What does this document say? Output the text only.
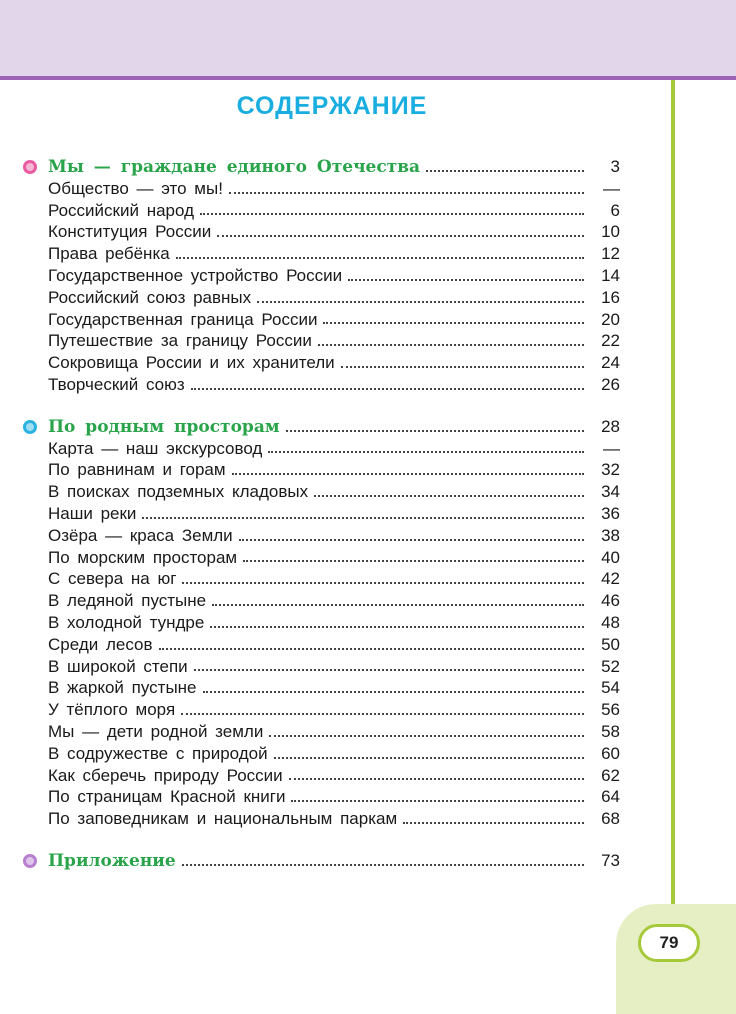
79
СОДЕРЖАНИЕ
Мы — граждане единого Отечества	3
Общество — это мы!	—
Российский народ	6
Конституция России	10
Права ребёнка	12
Государственное устройство России	14
Российский союз равных	16
Государственная граница России	20
Путешествие за границу России	22
Сокровища России и их хранители	24
Творческий союз	26
По родным просторам	28
Карта — наш экскурсовод	—
По равнинам и горам	32
В поисках подземных кладовых	34
Наши реки	36
Озёра — краса Земли	38
По морским просторам	40
С севера на юг	42
В ледяной пустыне	46
В холодной тундре	48
Среди лесов	50
В широкой степи	52
В жаркой пустыне	54
У тёплого моря	56
Мы — дети родной земли	58
В содружестве с природой	60
Как сберечь природу России	62
По страницам Красной книги	64
По заповедникам и национальным паркам	68
Приложение	73
